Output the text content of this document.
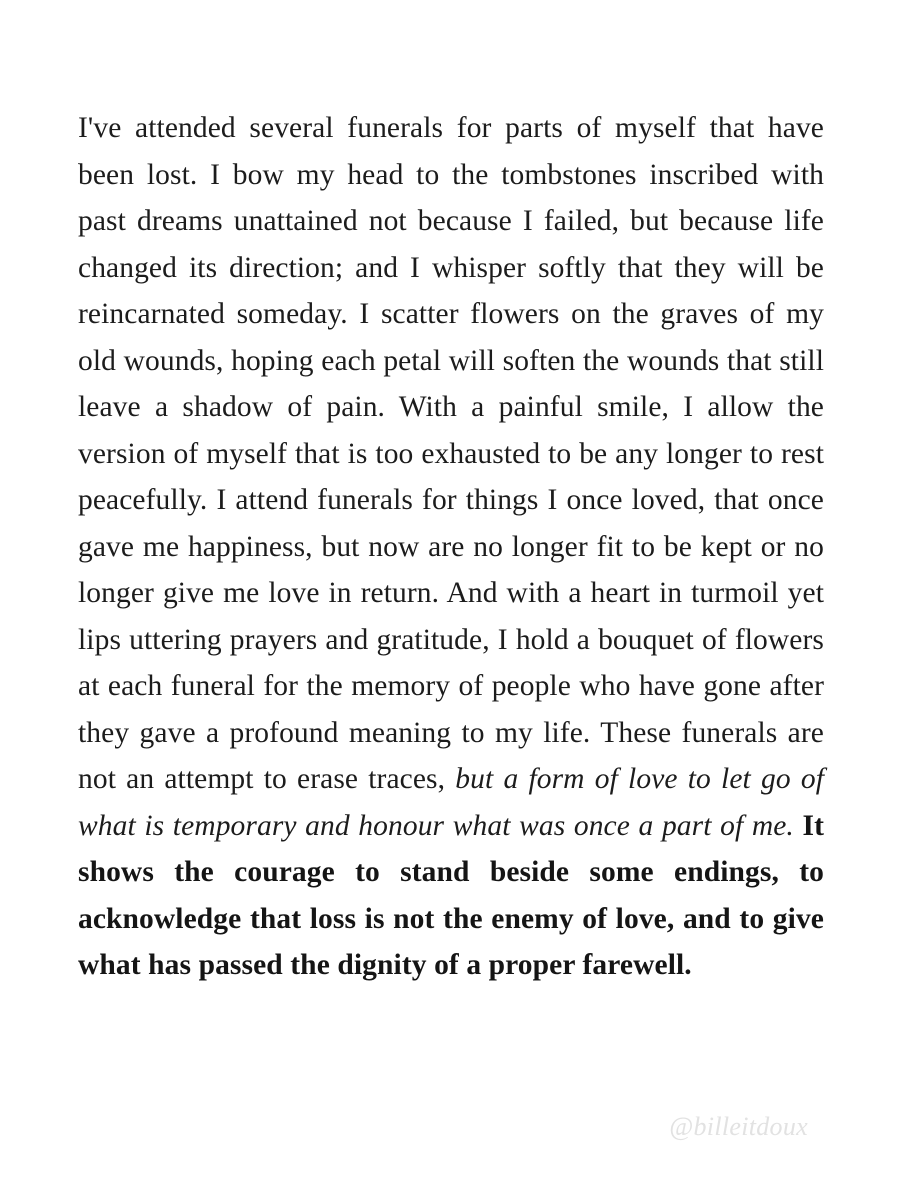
I've attended several funerals for parts of myself that have been lost. I bow my head to the tombstones inscribed with past dreams unattained not because I failed, but because life changed its direction; and I whisper softly that they will be reincarnated someday. I scatter flowers on the graves of my old wounds, hoping each petal will soften the wounds that still leave a shadow of pain. With a painful smile, I allow the version of myself that is too exhausted to be any longer to rest peacefully. I attend funerals for things I once loved, that once gave me happiness, but now are no longer fit to be kept or no longer give me love in return. And with a heart in turmoil yet lips uttering prayers and gratitude, I hold a bouquet of flowers at each funeral for the memory of people who have gone after they gave a profound meaning to my life. These funerals are not an attempt to erase traces, but a form of love to let go of what is temporary and honour what was once a part of me. It shows the courage to stand beside some endings, to acknowledge that loss is not the enemy of love, and to give what has passed the dignity of a proper farewell.

@billeitdoux
